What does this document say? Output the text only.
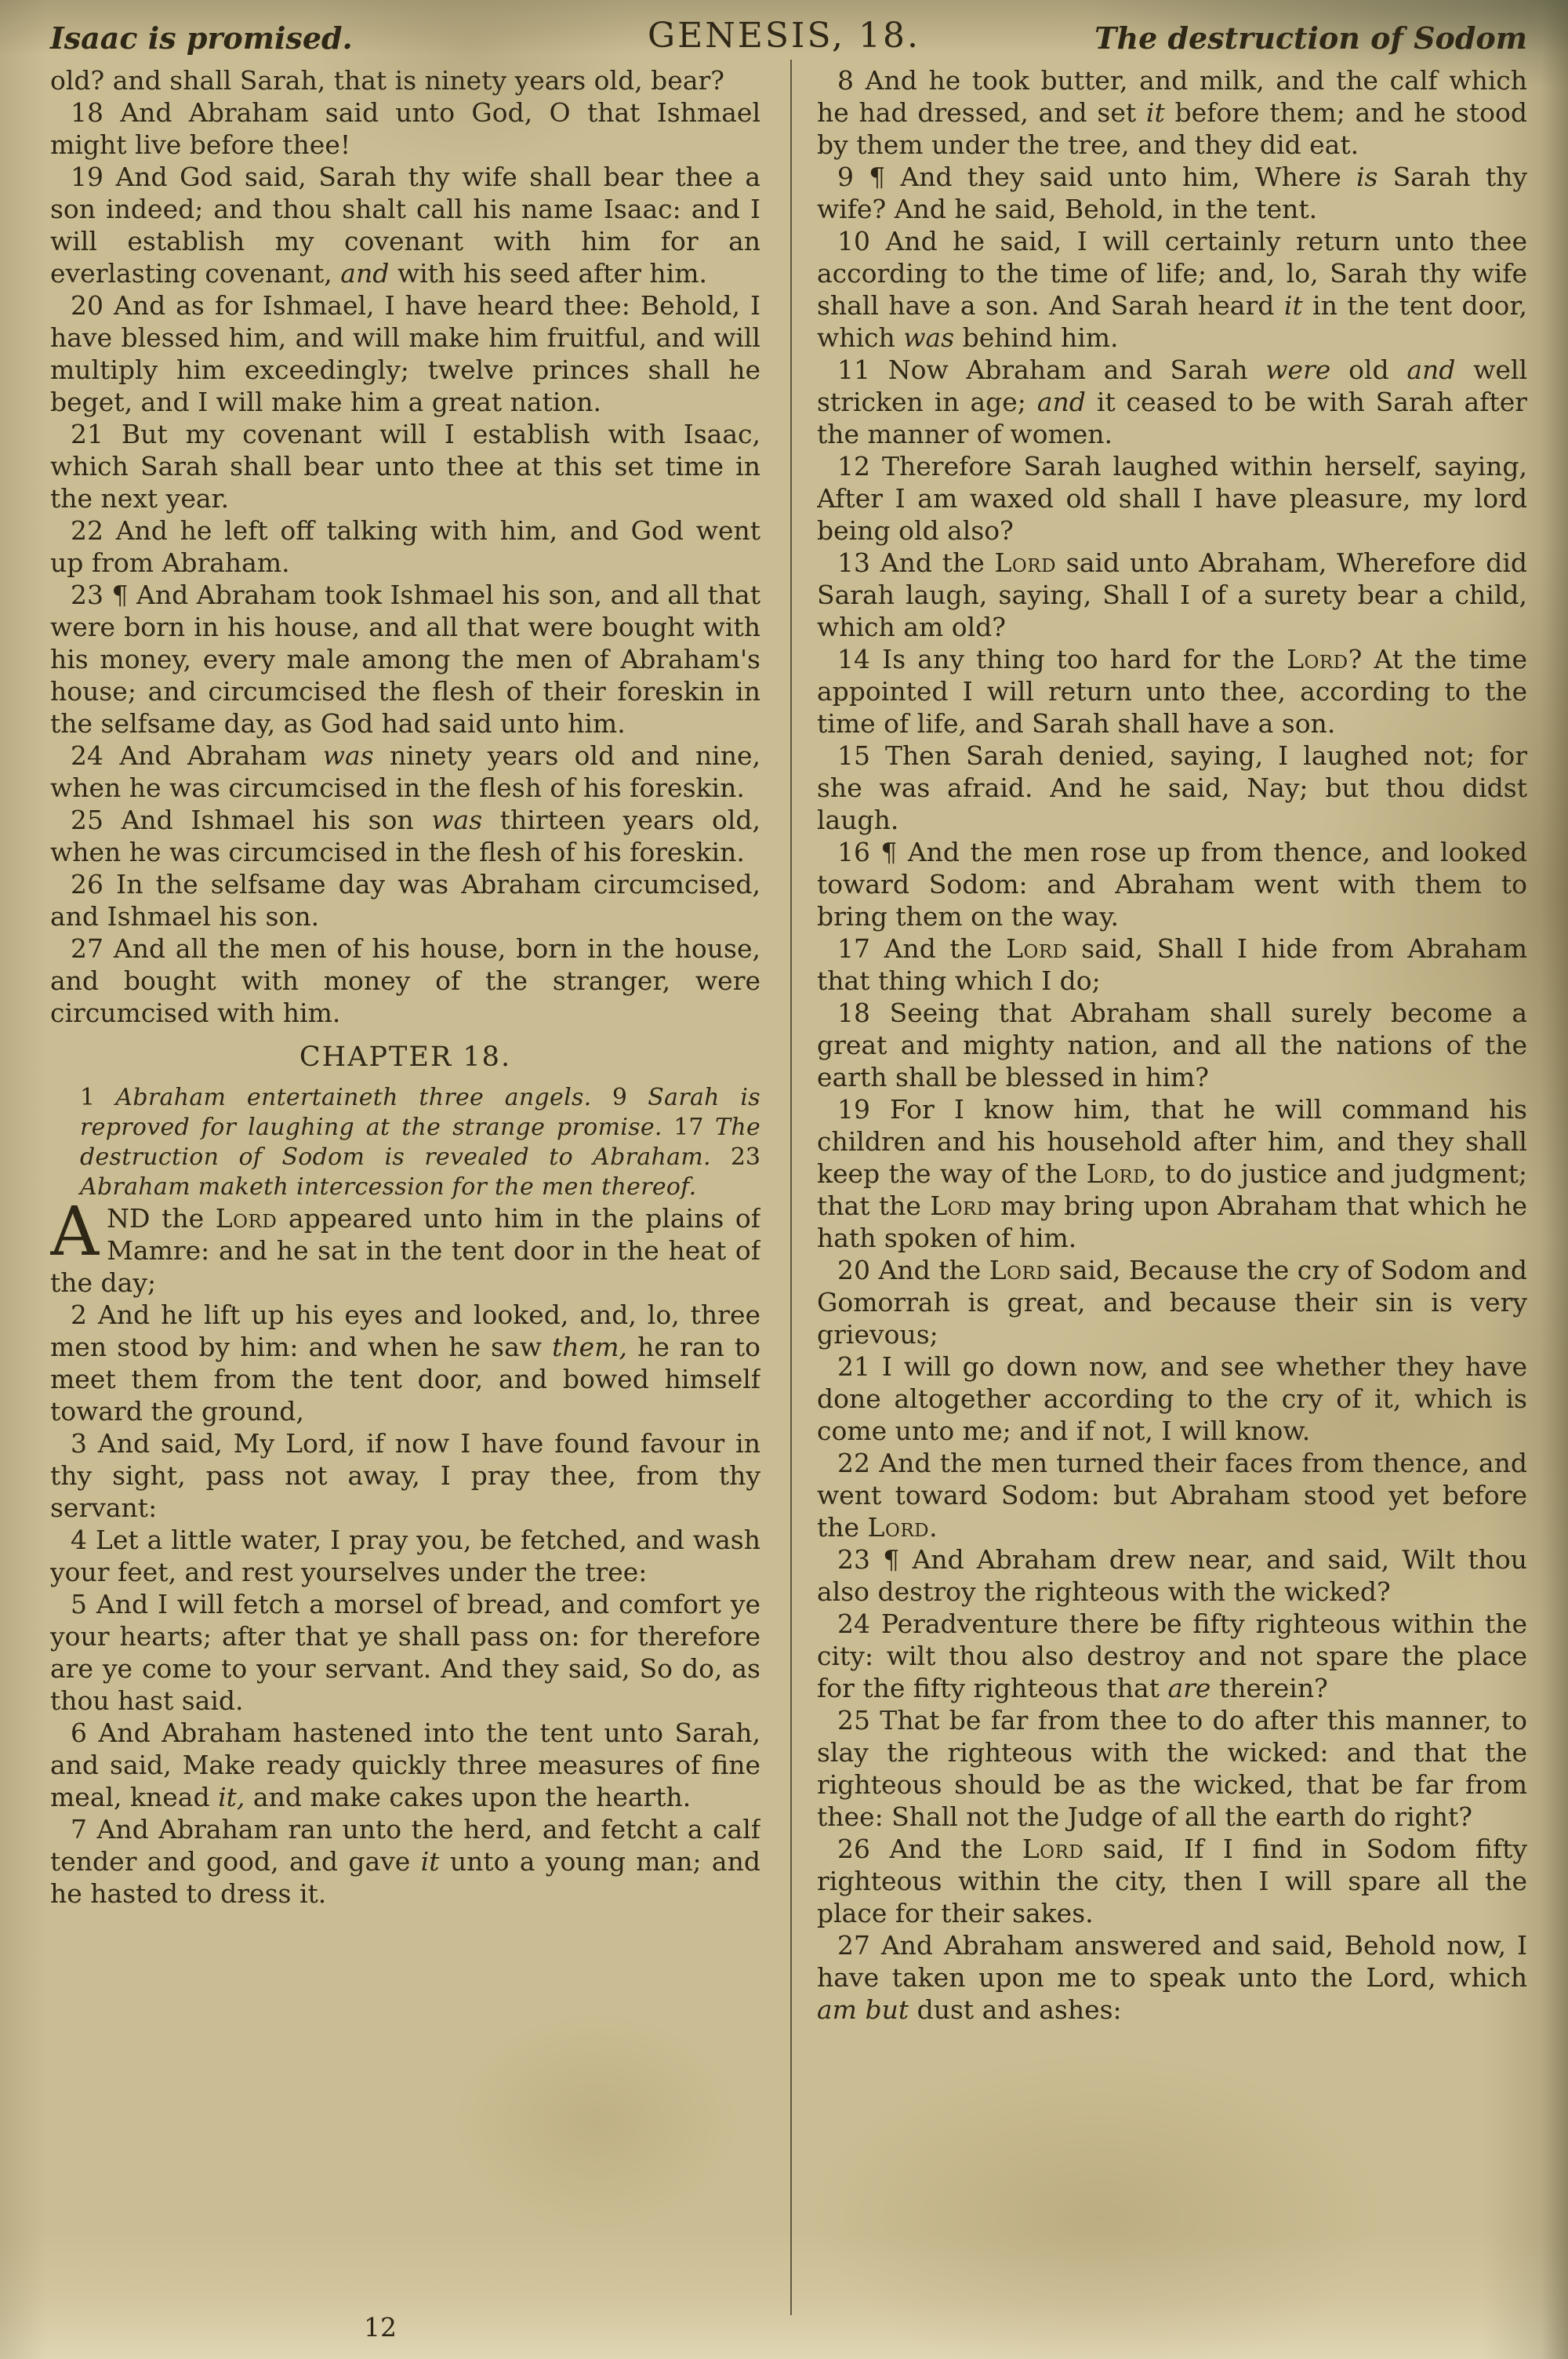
Isaac is promised.	GENESIS, 18.	The destruction of Sodom

old? and shall Sarah, that is ninety years old, bear?

18 And Abraham said unto God, O that Ishmael might live before thee!

19 And God said, Sarah thy wife shall bear thee a son indeed; and thou shalt call his name Isaac: and I will establish my covenant with him for an everlasting covenant, and with his seed after him.

20 And as for Ishmael, I have heard thee: Behold, I have blessed him, and will make him fruitful, and will multiply him exceedingly; twelve princes shall he beget, and I will make him a great nation.

21 But my covenant will I establish with Isaac, which Sarah shall bear unto thee at this set time in the next year.

22 And he left off talking with him, and God went up from Abraham.

23 ¶ And Abraham took Ishmael his son, and all that were born in his house, and all that were bought with his money, every male among the men of Abraham's house; and circumcised the flesh of their foreskin in the selfsame day, as God had said unto him.

24 And Abraham was ninety years old and nine, when he was circumcised in the flesh of his foreskin.

25 And Ishmael his son was thirteen years old, when he was circumcised in the flesh of his foreskin.

26 In the selfsame day was Abraham circumcised, and Ishmael his son.

27 And all the men of his house, born in the house, and bought with money of the stranger, were circumcised with him.

CHAPTER 18.

1 Abraham entertaineth three angels. 9 Sarah is reproved for laughing at the strange promise. 17 The destruction of Sodom is revealed to Abraham. 23 Abraham maketh intercession for the men thereof.

AND the Lord appeared unto him in the plains of Mamre: and he sat in the tent door in the heat of the day;

2 And he lift up his eyes and looked, and, lo, three men stood by him: and when he saw them, he ran to meet them from the tent door, and bowed himself toward the ground,

3 And said, My Lord, if now I have found favour in thy sight, pass not away, I pray thee, from thy servant:

4 Let a little water, I pray you, be fetched, and wash your feet, and rest yourselves under the tree:

5 And I will fetch a morsel of bread, and comfort ye your hearts; after that ye shall pass on: for therefore are ye come to your servant. And they said, So do, as thou hast said.

6 And Abraham hastened into the tent unto Sarah, and said, Make ready quickly three measures of fine meal, knead it, and make cakes upon the hearth.

7 And Abraham ran unto the herd, and fetcht a calf tender and good, and gave it unto a young man; and he hasted to dress it.

8 And he took butter, and milk, and the calf which he had dressed, and set it before them; and he stood by them under the tree, and they did eat.

9 ¶ And they said unto him, Where is Sarah thy wife? And he said, Behold, in the tent.

10 And he said, I will certainly return unto thee according to the time of life; and, lo, Sarah thy wife shall have a son. And Sarah heard it in the tent door, which was behind him.

11 Now Abraham and Sarah were old and well stricken in age; and it ceased to be with Sarah after the manner of women.

12 Therefore Sarah laughed within herself, saying, After I am waxed old shall I have pleasure, my lord being old also?

13 And the Lord said unto Abraham, Wherefore did Sarah laugh, saying, Shall I of a surety bear a child, which am old?

14 Is any thing too hard for the Lord? At the time appointed I will return unto thee, according to the time of life, and Sarah shall have a son.

15 Then Sarah denied, saying, I laughed not; for she was afraid. And he said, Nay; but thou didst laugh.

16 ¶ And the men rose up from thence, and looked toward Sodom: and Abraham went with them to bring them on the way.

17 And the Lord said, Shall I hide from Abraham that thing which I do;

18 Seeing that Abraham shall surely become a great and mighty nation, and all the nations of the earth shall be blessed in him?

19 For I know him, that he will command his children and his household after him, and they shall keep the way of the Lord, to do justice and judgment; that the Lord may bring upon Abraham that which he hath spoken of him.

20 And the Lord said, Because the cry of Sodom and Gomorrah is great, and because their sin is very grievous;

21 I will go down now, and see whether they have done altogether according to the cry of it, which is come unto me; and if not, I will know.

22 And the men turned their faces from thence, and went toward Sodom: but Abraham stood yet before the Lord.

23 ¶ And Abraham drew near, and said, Wilt thou also destroy the righteous with the wicked?

24 Peradventure there be fifty righteous within the city: wilt thou also destroy and not spare the place for the fifty righteous that are therein?

25 That be far from thee to do after this manner, to slay the righteous with the wicked: and that the righteous should be as the wicked, that be far from thee: Shall not the Judge of all the earth do right?

26 And the Lord said, If I find in Sodom fifty righteous within the city, then I will spare all the place for their sakes.

27 And Abraham answered and said, Behold now, I have taken upon me to speak unto the Lord, which am but dust and ashes:

12
